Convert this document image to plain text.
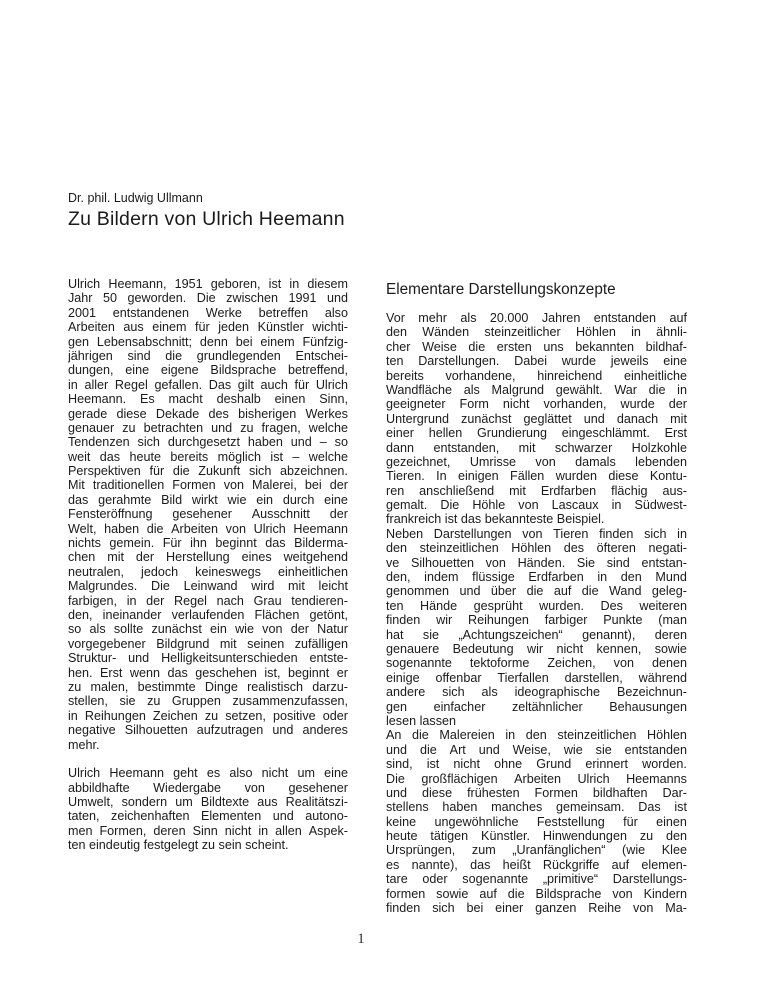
Dr. phil. Ludwig Ullmann
Zu Bildern von Ulrich Heemann
Ulrich Heemann, 1951 geboren, ist in diesem
Jahr 50 geworden. Die zwischen 1991 und
2001 entstandenen Werke betreffen also
Arbeiten aus einem für jeden Künstler wichti-
gen Lebensabschnitt; denn bei einem Fünfzig-
jährigen sind die grundlegenden Entschei-
dungen, eine eigene Bildsprache betreffend,
in aller Regel gefallen. Das gilt auch für Ulrich
Heemann. Es macht deshalb einen Sinn,
gerade diese Dekade des bisherigen Werkes
genauer zu betrachten und zu fragen, welche
Tendenzen sich durchgesetzt haben und – so
weit das heute bereits möglich ist – welche
Perspektiven für die Zukunft sich abzeichnen.
Mit traditionellen Formen von Malerei, bei der
das gerahmte Bild wirkt wie ein durch eine
Fensteröffnung gesehener Ausschnitt der
Welt, haben die Arbeiten von Ulrich Heemann
nichts gemein. Für ihn beginnt das Bilderma-
chen mit der Herstellung eines weitgehend
neutralen, jedoch keineswegs einheitlichen
Malgrundes. Die Leinwand wird mit leicht
farbigen, in der Regel nach Grau tendieren-
den, ineinander verlaufenden Flächen getönt,
so als sollte zunächst ein wie von der Natur
vorgegebener Bildgrund mit seinen zufälligen
Struktur- und Helligkeitsunterschieden entste-
hen. Erst wenn das geschehen ist, beginnt er
zu malen, bestimmte Dinge realistisch darzu-
stellen, sie zu Gruppen zusammenzufassen,
in Reihungen Zeichen zu setzen, positive oder
negative Silhouetten aufzutragen und anderes
mehr.
Ulrich Heemann geht es also nicht um eine
abbildhafte Wiedergabe von gesehener
Umwelt, sondern um Bildtexte aus Realitätszi-
taten, zeichenhaften Elementen und autono-
men Formen, deren Sinn nicht in allen Aspek-
ten eindeutig festgelegt zu sein scheint.
Elementare Darstellungskonzepte
Vor mehr als 20.000 Jahren entstanden auf
den Wänden steinzeitlicher Höhlen in ähnli-
cher Weise die ersten uns bekannten bildhaf-
ten Darstellungen. Dabei wurde jeweils eine
bereits vorhandene, hinreichend einheitliche
Wandfläche als Malgrund gewählt. War die in
geeigneter Form nicht vorhanden, wurde der
Untergrund zunächst geglättet und danach mit
einer hellen Grundierung eingeschlämmt. Erst
dann entstanden, mit schwarzer Holzkohle
gezeichnet, Umrisse von damals lebenden
Tieren. In einigen Fällen wurden diese Kontu-
ren anschließend mit Erdfarben flächig aus-
gemalt. Die Höhle von Lascaux in Südwest-
frankreich ist das bekannteste Beispiel.
Neben Darstellungen von Tieren finden sich in
den steinzeitlichen Höhlen des öfteren negati-
ve Silhouetten von Händen. Sie sind entstan-
den, indem flüssige Erdfarben in den Mund
genommen und über die auf die Wand geleg-
ten Hände gesprüht wurden. Des weiteren
finden wir Reihungen farbiger Punkte (man
hat sie „Achtungszeichen“ genannt), deren
genauere Bedeutung wir nicht kennen, sowie
sogenannte tektoforme Zeichen, von denen
einige offenbar Tierfallen darstellen, während
andere sich als ideographische Bezeichnun-
gen einfacher zeltähnlicher Behausungen
lesen lassen
An die Malereien in den steinzeitlichen Höhlen
und die Art und Weise, wie sie entstanden
sind, ist nicht ohne Grund erinnert worden.
Die großflächigen Arbeiten Ulrich Heemanns
und diese frühesten Formen bildhaften Dar-
stellens haben manches gemeinsam. Das ist
keine ungewöhnliche Feststellung für einen
heute tätigen Künstler. Hinwendungen zu den
Ursprüngen, zum „Uranfänglichen“ (wie Klee
es nannte), das heißt Rückgriffe auf elemen-
tare oder sogenannte „primitive“ Darstellungs-
formen sowie auf die Bildsprache von Kindern
finden sich bei einer ganzen Reihe von Ma-
1
